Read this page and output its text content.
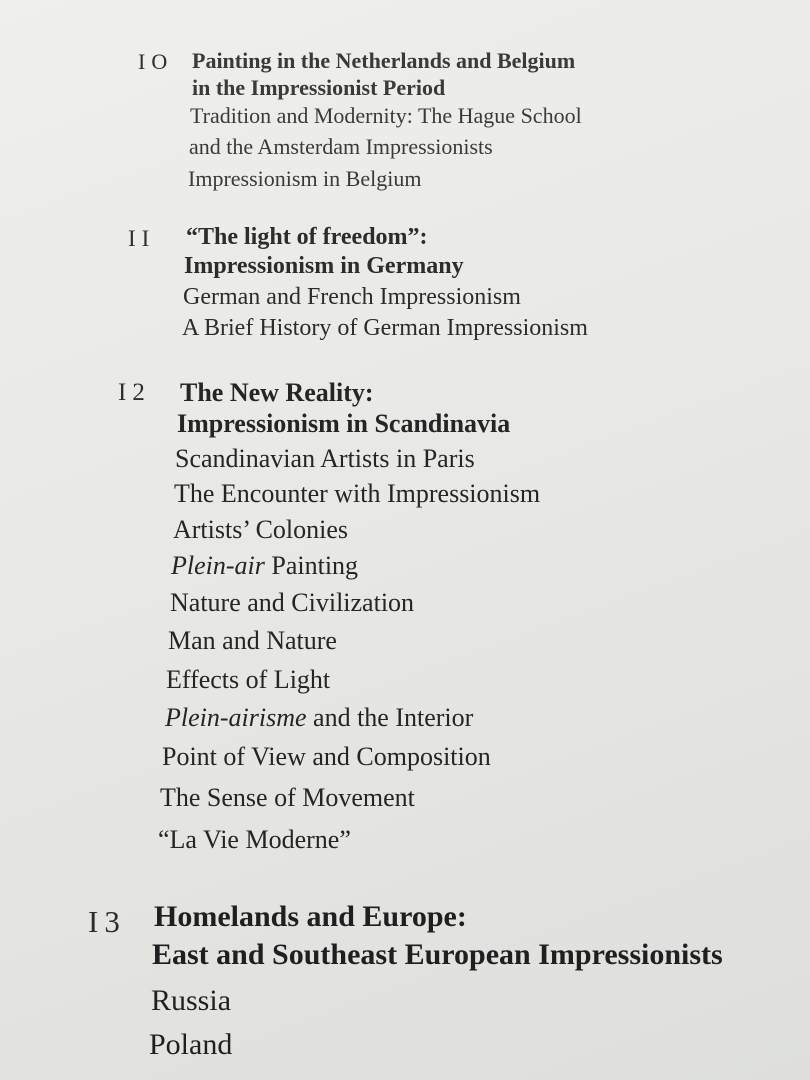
IO Painting in the Netherlands and Belgium
in the Impressionist Period
Tradition and Modernity: The Hague School
and the Amsterdam Impressionists
Impressionism in Belgium
II “The light of freedom”:
Impressionism in Germany
German and French Impressionism
A Brief History of German Impressionism
I2 The New Reality:
Impressionism in Scandinavia
Scandinavian Artists in Paris
The Encounter with Impressionism
Artists’ Colonies
Plein-air Painting
Nature and Civilization
Man and Nature
Effects of Light
Plein-airisme and the Interior
Point of View and Composition
The Sense of Movement
“La Vie Moderne”
I3 Homelands and Europe:
East and Southeast European Impressionists
Russia
Poland
